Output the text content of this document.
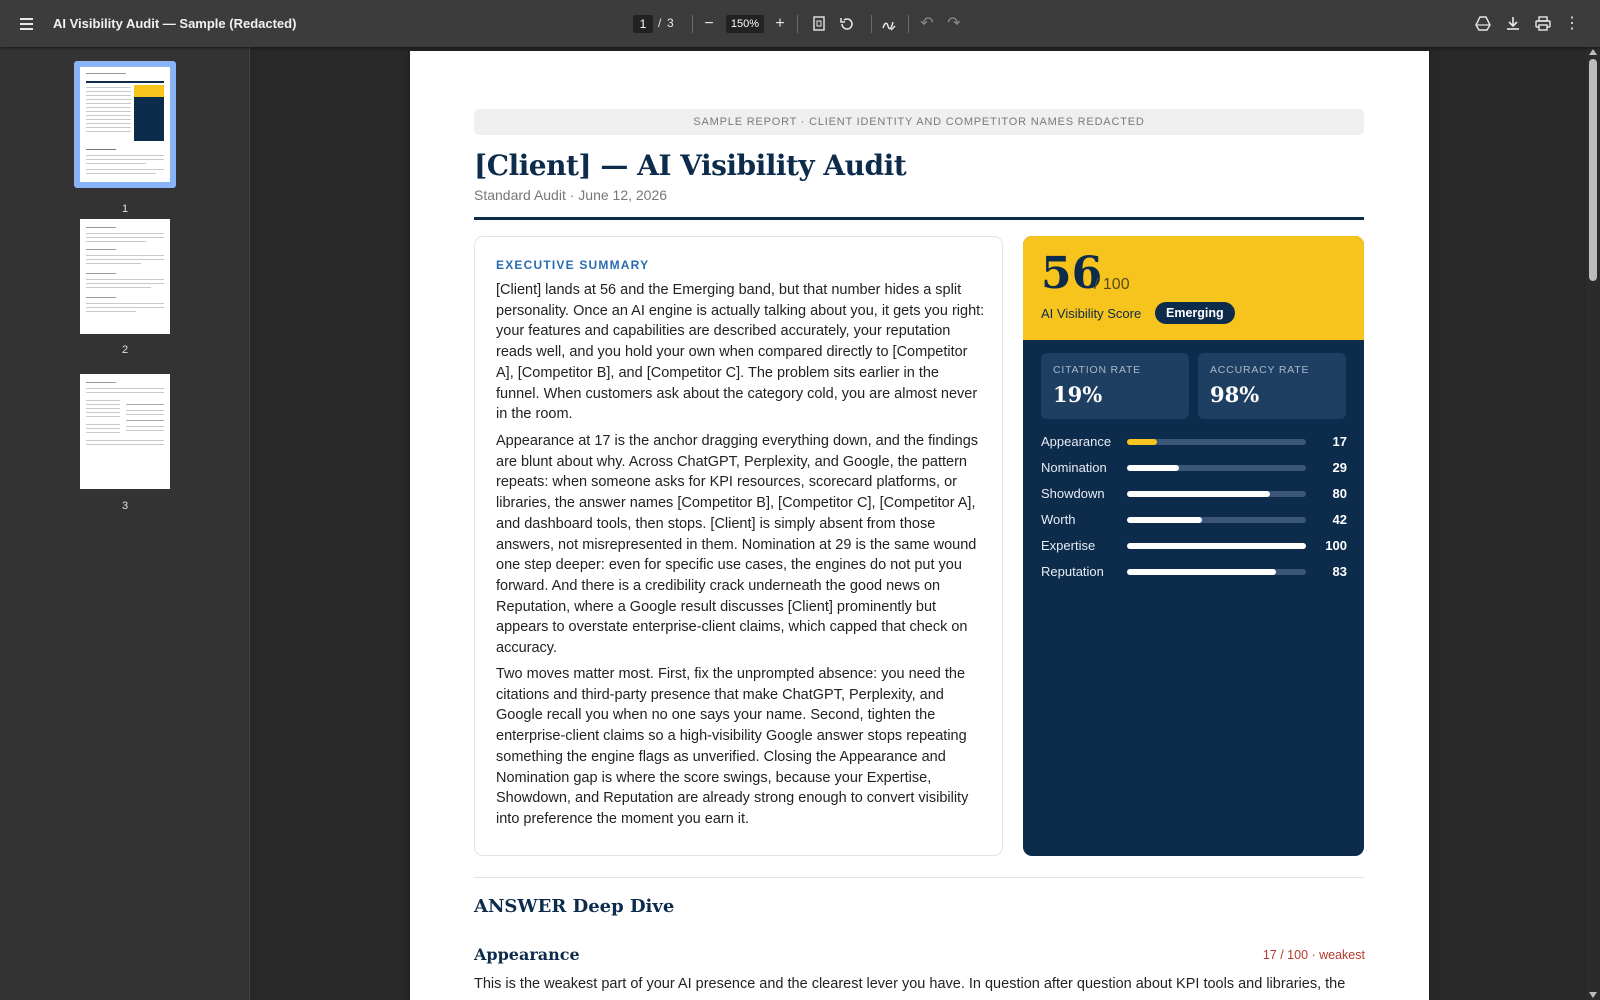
AI Visibility Audit — Sample (Redacted)	1 / 3	−	150%	+	↶ ↷	⋮
1
2
3
SAMPLE REPORT · CLIENT IDENTITY AND COMPETITOR NAMES REDACTED
[Client] — AI Visibility Audit
Standard Audit · June 12, 2026
EXECUTIVE SUMMARY

[Client] lands at 56 and the Emerging band, but that number hides a split personality. Once an AI engine is actually talking about you, it gets you right: your features and capabilities are described accurately, your reputation reads well, and you hold your own when compared directly to [Competitor A], [Competitor B], and [Competitor C]. The problem sits earlier in the funnel. When customers ask about the category cold, you are almost never in the room.

Appearance at 17 is the anchor dragging everything down, and the findings are blunt about why. Across ChatGPT, Perplexity, and Google, the pattern repeats: when someone asks for KPI resources, scorecard platforms, or libraries, the answer names [Competitor B], [Competitor C], [Competitor A], and dashboard tools, then stops. [Client] is simply absent from those answers, not misrepresented in them. Nomination at 29 is the same wound one step deeper: even for specific use cases, the engines do not put you forward. And there is a credibility crack underneath the good news on Reputation, where a Google result discusses [Client] prominently but appears to overstate enterprise-client claims, which capped that check on accuracy.

Two moves matter most. First, fix the unprompted absence: you need the citations and third-party presence that make ChatGPT, Perplexity, and Google recall you when no one says your name. Second, tighten the enterprise-client claims so a high-visibility Google answer stops repeating something the engine flags as unverified. Closing the Appearance and Nomination gap is where the score swings, because your Expertise, Showdown, and Reputation are already strong enough to convert visibility into preference the moment you earn it.

56
/ 100
AI Visibility Score	Emerging
CITATION RATE
19%
ACCURACY RATE
98%
Appearance	17
Nomination	29
Showdown	80
Worth	42
Expertise	100
Reputation	83
ANSWER Deep Dive
Appearance	17 / 100 · weakest

This is the weakest part of your AI presence and the clearest lever you have. In question after question about KPI tools and libraries, the
